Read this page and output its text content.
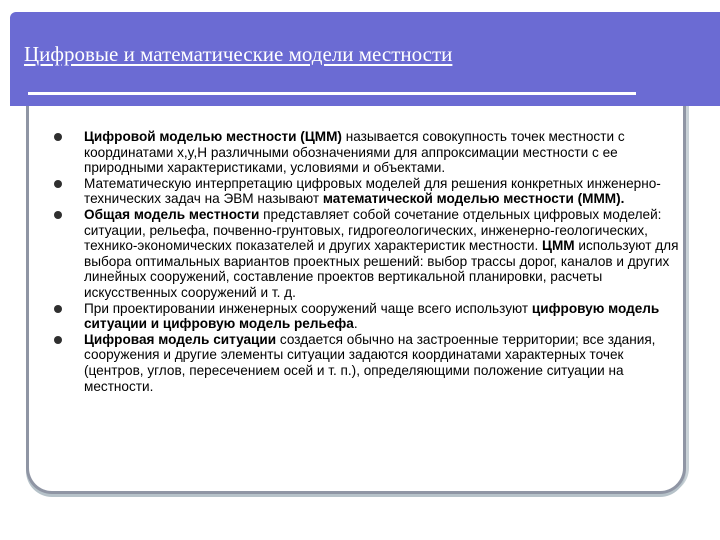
Цифровые и математические модели местности
Цифровой моделью местности (ЦММ) называется совокупность точек местности с координатами x,y,H различными обозначениями для аппроксимации местности с ее природными характеристиками, условиями и объектами.
Математическую интерпретацию цифровых моделей для решения конкретных инженерно-технических задач на ЭВМ называют математической моделью местности (ММM).
Общая модель местности представляет собой сочетание отдельных цифровых моделей: ситуации, рельефа, почвенно-грунтовых, гидрогеологических, инженерно-геологических, технико-экономических показателей и других характеристик местности. ЦММ используют для выбора оптимальных вариантов проектных решений: выбор трассы дорог, каналов и других линейных сооружений, составление проектов вертикальной планировки, расчеты искусственных сооружений и т. д.
При проектировании инженерных сооружений чаще всего используют цифровую модель ситуации и цифровую модель рельефа.
Цифровая модель ситуации создается обычно на застроенные территории; все здания, сооружения и другие элементы ситуации задаются координатами характерных точек (центров, углов, пересечением осей и т. п.), определяющими положение ситуации на местности.
